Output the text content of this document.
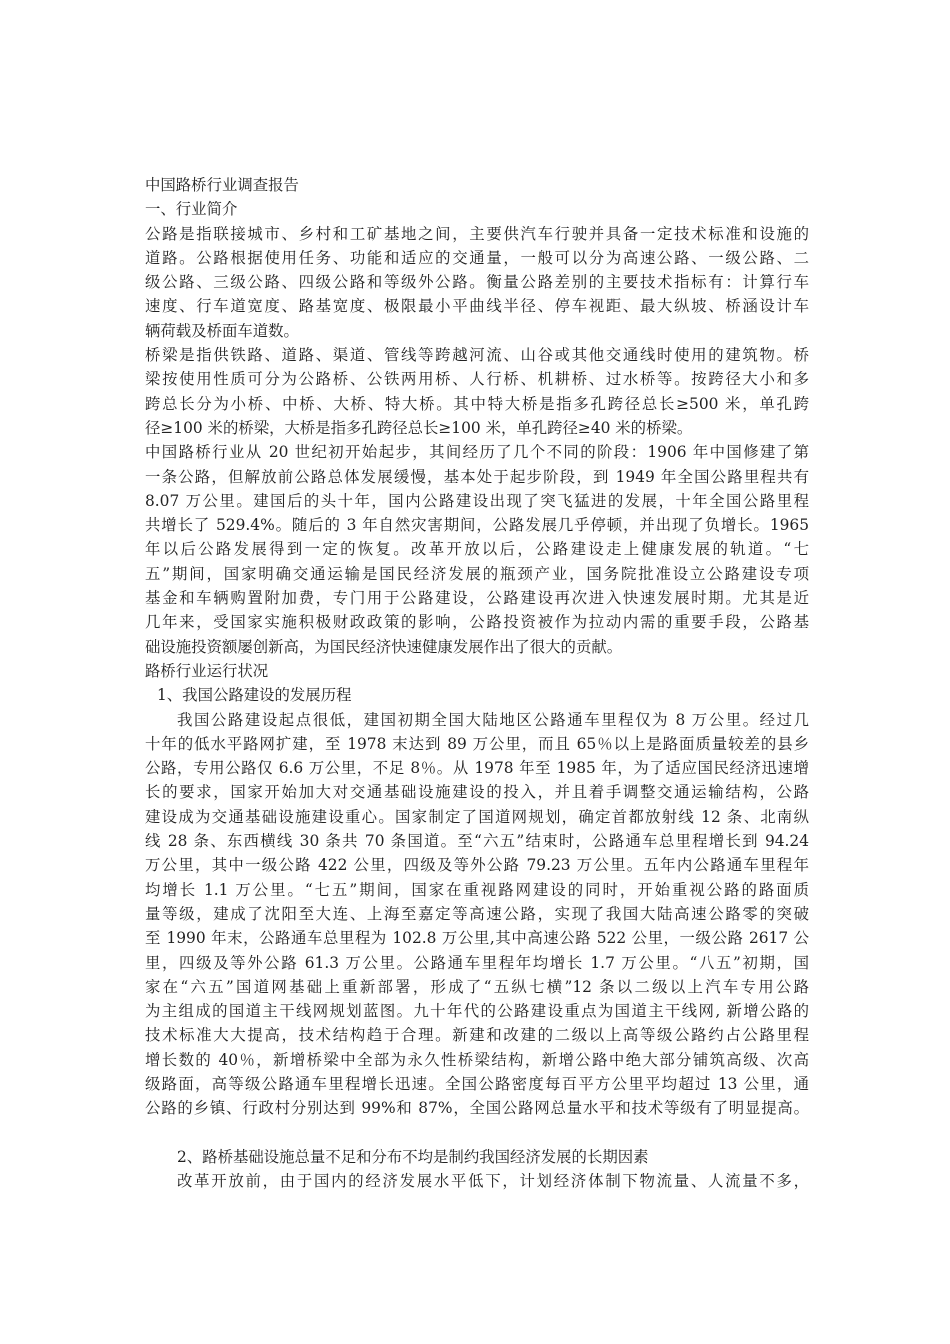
中国路桥行业调查报告
一、行业简介
公路是指联接城市、乡村和工矿基地之间，主要供汽车行驶并具备一定技术标准和设施的
道路。公路根据使用任务、功能和适应的交通量，一般可以分为高速公路、一级公路、二
级公路、三级公路、四级公路和等级外公路。衡量公路差别的主要技术指标有：计算行车
速度、行车道宽度、路基宽度、极限最小平曲线半径、停车视距、最大纵坡、桥涵设计车
辆荷载及桥面车道数。
桥梁是指供铁路、道路、渠道、管线等跨越河流、山谷或其他交通线时使用的建筑物。桥
梁按使用性质可分为公路桥、公铁两用桥、人行桥、机耕桥、过水桥等。按跨径大小和多
跨总长分为小桥、中桥、大桥、特大桥。其中特大桥是指多孔跨径总长≥500 米，单孔跨
径≥100 米的桥梁，大桥是指多孔跨径总长≥100 米，单孔跨径≥40 米的桥梁。
中国路桥行业从 20 世纪初开始起步，其间经历了几个不同的阶段：1906 年中国修建了第
一条公路，但解放前公路总体发展缓慢，基本处于起步阶段，到 1949 年全国公路里程共有
8.07 万公里。建国后的头十年，国内公路建设出现了突飞猛进的发展，十年全国公路里程
共增长了 529.4%。随后的 3 年自然灾害期间，公路发展几乎停顿，并出现了负增长。1965
年以后公路发展得到一定的恢复。改革开放以后，公路建设走上健康发展的轨道。“七
五”期间，国家明确交通运输是国民经济发展的瓶颈产业，国务院批准设立公路建设专项
基金和车辆购置附加费，专门用于公路建设，公路建设再次进入快速发展时期。尤其是近
几年来，受国家实施积极财政政策的影响，公路投资被作为拉动内需的重要手段，公路基
础设施投资额屡创新高，为国民经济快速健康发展作出了很大的贡献。
路桥行业运行状况
1、我国公路建设的发展历程
我国公路建设起点很低，建国初期全国大陆地区公路通车里程仅为 8 万公里。经过几
十年的低水平路网扩建，至 1978 末达到 89 万公里，而且 65％以上是路面质量较差的县乡
公路，专用公路仅 6.6 万公里，不足 8％。从 1978 年至 1985 年，为了适应国民经济迅速增
长的要求，国家开始加大对交通基础设施建设的投入，并且着手调整交通运输结构，公路
建设成为交通基础设施建设重心。国家制定了国道网规划，确定首都放射线 12 条、北南纵
线 28 条、东西横线 30 条共 70 条国道。至“六五”结束时，公路通车总里程增长到 94.24
万公里，其中一级公路 422 公里，四级及等外公路 79.23 万公里。五年内公路通车里程年
均增长 1.1 万公里。“七五”期间，国家在重视路网建设的同时，开始重视公路的路面质
量等级，建成了沈阳至大连、上海至嘉定等高速公路，实现了我国大陆高速公路零的突破
至 1990 年末，公路通车总里程为 102.8 万公里,其中高速公路 522 公里，一级公路 2617 公
里，四级及等外公路 61.3 万公里。公路通车里程年均增长 1.7 万公里。“八五”初期，国
家在“六五”国道网基础上重新部署，形成了“五纵七横”12 条以二级以上汽车专用公路
为主组成的国道主干线网规划蓝图。九十年代的公路建设重点为国道主干线网, 新增公路的
技术标准大大提高，技术结构趋于合理。新建和改建的二级以上高等级公路约占公路里程
增长数的 40％，新增桥梁中全部为永久性桥梁结构，新增公路中绝大部分铺筑高级、次高
级路面，高等级公路通车里程增长迅速。全国公路密度每百平方公里平均超过 13 公里，通
公路的乡镇、行政村分别达到 99%和 87%，全国公路网总量水平和技术等级有了明显提高。
2、路桥基础设施总量不足和分布不均是制约我国经济发展的长期因素
改革开放前，由于国内的经济发展水平低下，计划经济体制下物流量、人流量不多，
